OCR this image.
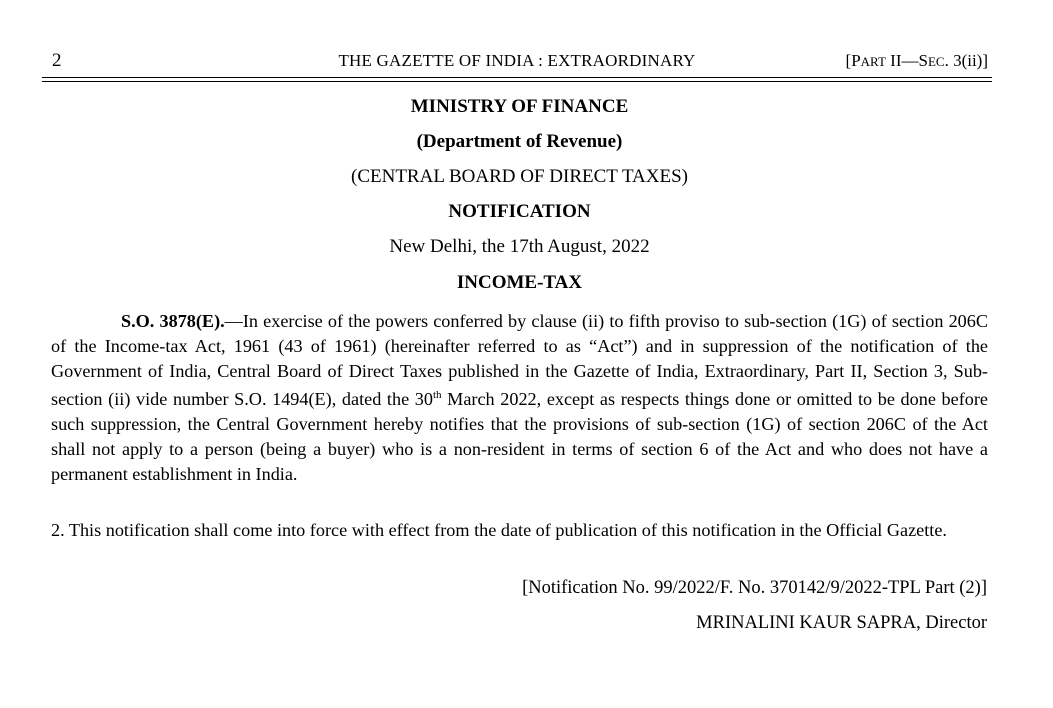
2	THE GAZETTE OF INDIA : EXTRAORDINARY	[PART II—SEC. 3(ii)]
MINISTRY OF FINANCE
(Department of Revenue)
(CENTRAL BOARD OF DIRECT TAXES)
NOTIFICATION
New Delhi, the 17th August, 2022
INCOME-TAX
S.O. 3878(E).—In exercise of the powers conferred by clause (ii) to fifth proviso to sub-section (1G) of section 206C of the Income-tax Act, 1961 (43 of 1961) (hereinafter referred to as “Act”) and in suppression of the notification of the Government of India, Central Board of Direct Taxes published in the Gazette of India, Extraordinary, Part II, Section 3, Sub-section (ii) vide number S.O. 1494(E), dated the 30th March 2022, except as respects things done or omitted to be done before such suppression, the Central Government hereby notifies that the provisions of sub-section (1G) of section 206C of the Act shall not apply to a person (being a buyer) who is a non-resident in terms of section 6 of the Act and who does not have a permanent establishment in India.
2. This notification shall come into force with effect from the date of publication of this notification in the Official Gazette.
[Notification No. 99/2022/F. No. 370142/9/2022-TPL Part (2)]
MRINALINI KAUR SAPRA, Director
